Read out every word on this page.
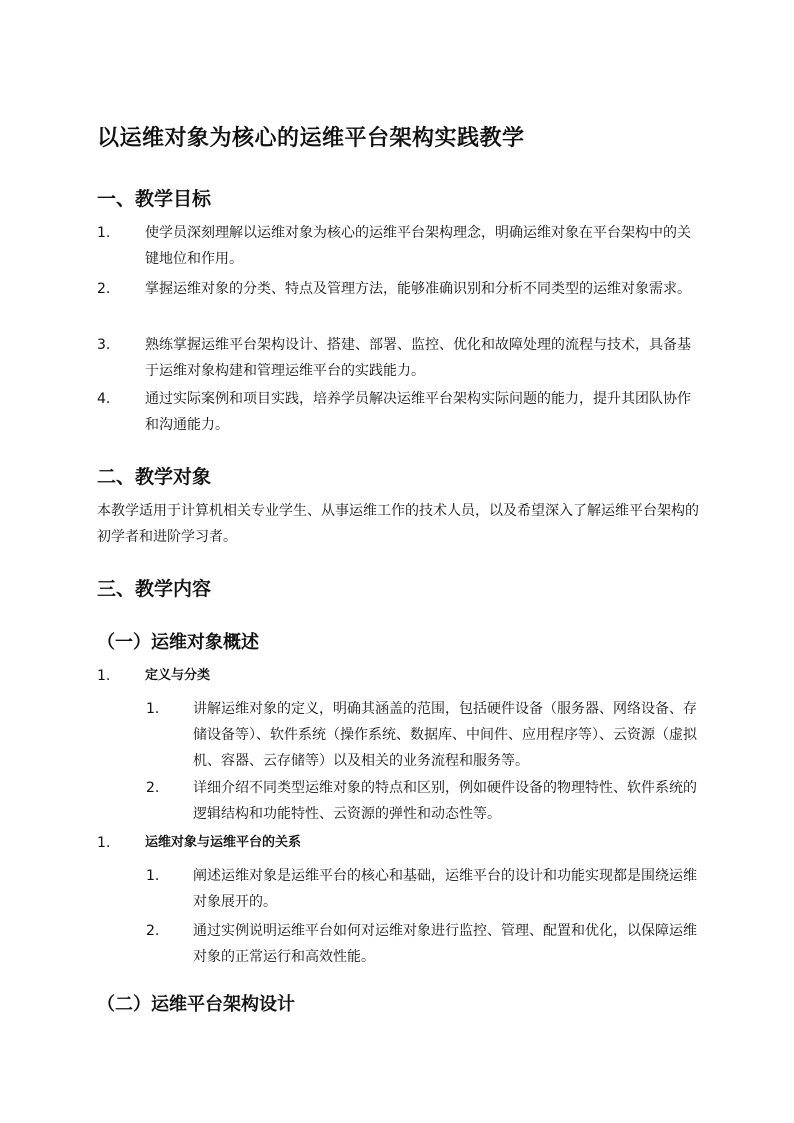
以运维对象为核心的运维平台架构实践教学
一、教学目标
1. 使学员深刻理解以运维对象为核心的运维平台架构理念，明确运维对象在平台架构中的关键地位和作用。
2. 掌握运维对象的分类、特点及管理方法，能够准确识别和分析不同类型的运维对象需求。
3. 熟练掌握运维平台架构设计、搭建、部署、监控、优化和故障处理的流程与技术，具备基于运维对象构建和管理运维平台的实践能力。
4. 通过实际案例和项目实践，培养学员解决运维平台架构实际问题的能力，提升其团队协作和沟通能力。
二、教学对象
本教学适用于计算机相关专业学生、从事运维工作的技术人员，以及希望深入了解运维平台架构的初学者和进阶学习者。
三、教学内容
（一）运维对象概述
1.	定义与分类
1. 讲解运维对象的定义，明确其涵盖的范围，包括硬件设备（服务器、网络设备、存储设备等）、软件系统（操作系统、数据库、中间件、应用程序等）、云资源（虚拟机、容器、云存储等）以及相关的业务流程和服务等。
2. 详细介绍不同类型运维对象的特点和区别，例如硬件设备的物理特性、软件系统的逻辑结构和功能特性、云资源的弹性和动态性等。
1.	运维对象与运维平台的关系
1. 阐述运维对象是运维平台的核心和基础，运维平台的设计和功能实现都是围绕运维对象展开的。
2. 通过实例说明运维平台如何对运维对象进行监控、管理、配置和优化，以保障运维对象的正常运行和高效性能。
（二）运维平台架构设计
